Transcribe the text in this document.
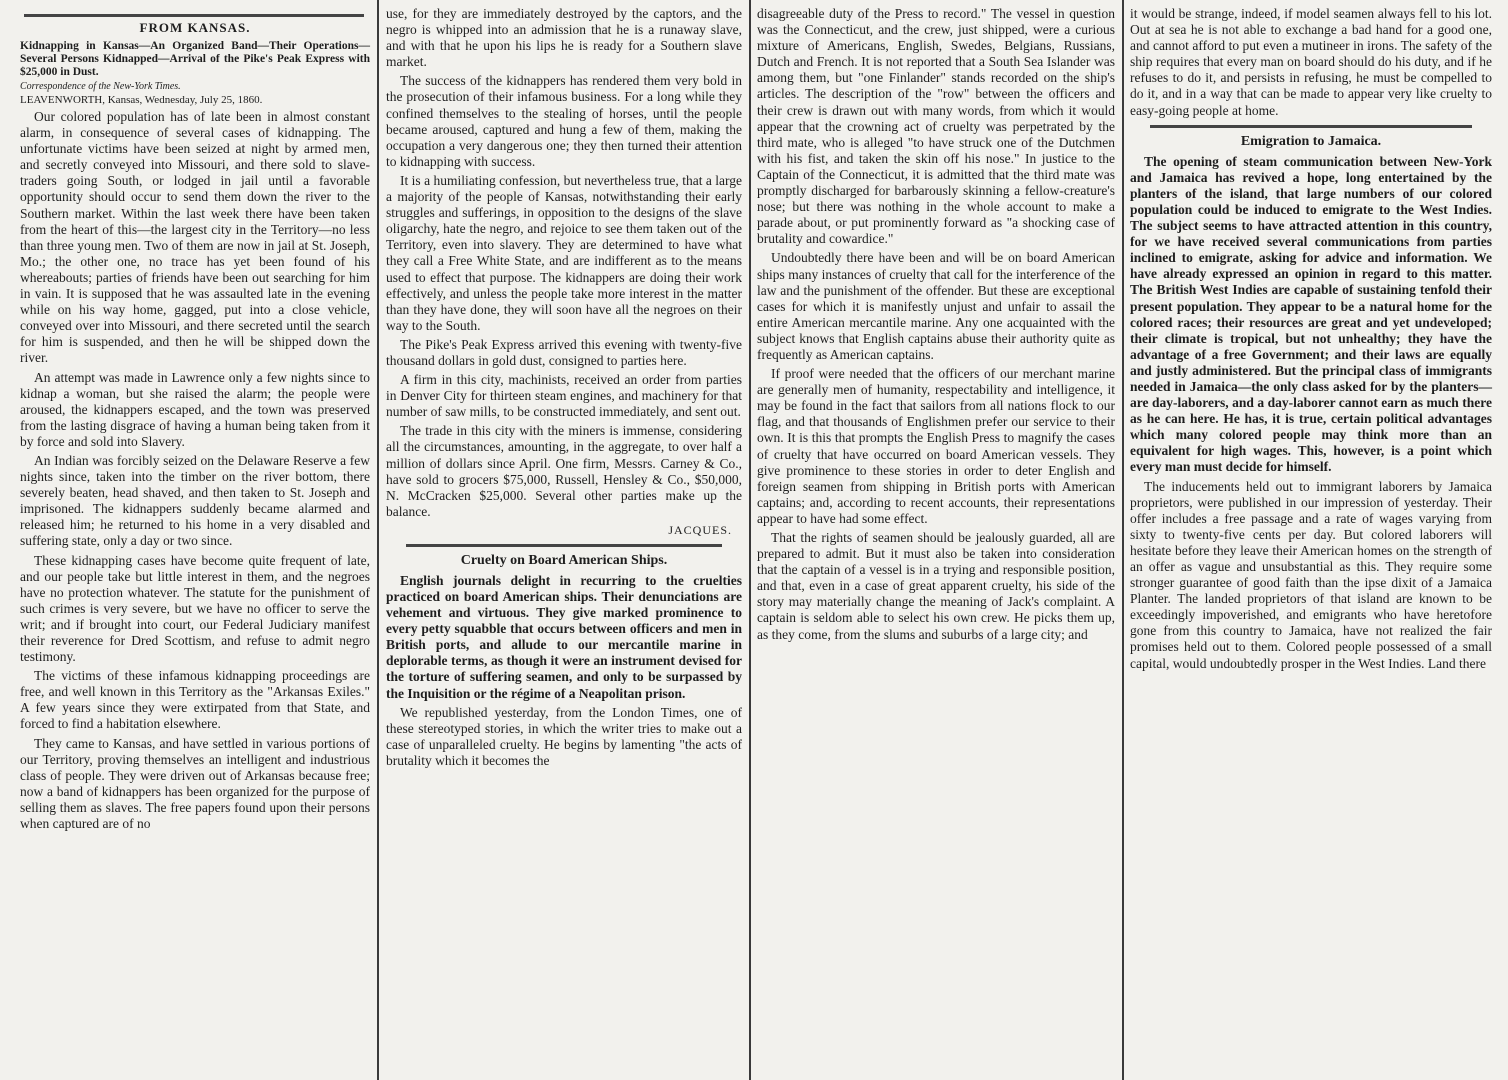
FROM KANSAS.
Kidnapping in Kansas—An Organized Band—Their Operations—Several Persons Kidnapped—Arrival of the Pike's Peak Express with $25,000 in Dust.
Correspondence of the New-York Times.
LEAVENWORTH, Kansas, Wednesday, July 25, 1860.

Our colored population has of late been in almost constant alarm, in consequence of several cases of kidnapping. The unfortunate victims have been seized at night by armed men, and secretly conveyed into Missouri, and there sold to slave-traders going South, or lodged in jail until a favorable opportunity should occur to send them down the river to the Southern market. Within the last week there have been taken from the heart of this—the largest city in the Territory—no less than three young men. Two of them are now in jail at St. Joseph, Mo.; the other one, no trace has yet been found of his whereabouts; parties of friends have been out searching for him in vain. It is supposed that he was assaulted late in the evening while on his way home, gagged, put into a close vehicle, conveyed over into Missouri, and there secreted until the search for him is suspended, and then he will be shipped down the river.

An attempt was made in Lawrence only a few nights since to kidnap a woman, but she raised the alarm; the people were aroused, the kidnappers escaped, and the town was preserved from the lasting disgrace of having a human being taken from it by force and sold into Slavery.

An Indian was forcibly seized on the Delaware Reserve a few nights since, taken into the timber on the river bottom, there severely beaten, head shaved, and then taken to St. Joseph and imprisoned. The kidnappers suddenly became alarmed and released him; he returned to his home in a very disabled and suffering state, only a day or two since.

These kidnapping cases have become quite frequent of late, and our people take but little interest in them, and the negroes have no protection whatever. The statute for the punishment of such crimes is very severe, but we have no officer to serve the writ; and if brought into court, our Federal Judiciary manifest their reverence for Dred Scottism, and refuse to admit negro testimony.

The victims of these infamous kidnapping proceedings are free, and well known in this Territory as the "Arkansas Exiles." A few years since they were extirpated from that State, and forced to find a habitation elsewhere.

They came to Kansas, and have settled in various portions of our Territory, proving themselves an intelligent and industrious class of people. They were driven out of Arkansas because free; now a band of kidnappers has been organized for the purpose of selling them as slaves. The free papers found upon their persons when captured are of no

use, for they are immediately destroyed by the captors, and the negro is whipped into an admission that he is a runaway slave, and with that he upon his lips he is ready for a Southern slave market.

The success of the kidnappers has rendered them very bold in the prosecution of their infamous business. For a long while they confined themselves to the stealing of horses, until the people became aroused, captured and hung a few of them, making the occupation a very dangerous one; they then turned their attention to kidnapping with success.

It is a humiliating confession, but nevertheless true, that a large a majority of the people of Kansas, notwithstanding their early struggles and sufferings, in opposition to the designs of the slave oligarchy, hate the negro, and rejoice to see them taken out of the Territory, even into slavery. They are determined to have what they call a Free White State, and are indifferent as to the means used to effect that purpose. The kidnappers are doing their work effectively, and unless the people take more interest in the matter than they have done, they will soon have all the negroes on their way to the South.

The Pike's Peak Express arrived this evening with twenty-five thousand dollars in gold dust, consigned to parties here.

A firm in this city, machinists, received an order from parties in Denver City for thirteen steam engines, and machinery for that number of saw mills, to be constructed immediately, and sent out.

The trade in this city with the miners is immense, considering all the circumstances, amounting, in the aggregate, to over half a million of dollars since April. One firm, Messrs. Carney & Co., have sold to grocers $75,000, Russell, Hensley & Co., $50,000, N. McCracken $25,000. Several other parties make up the balance.

JACQUES.
Cruelty on Board American Ships.

English journals delight in recurring to the cruelties practiced on board American ships. Their denunciations are vehement and virtuous. They give marked prominence to every petty squabble that occurs between officers and men in British ports, and allude to our mercantile marine in deplorable terms, as though it were an instrument devised for the torture of suffering seamen, and only to be surpassed by the Inquisition or the régime of a Neapolitan prison.

We republished yesterday, from the London Times, one of these stereotyped stories, in which the writer tries to make out a case of unparalleled cruelty. He begins by lamenting "the acts of brutality which it becomes the

disagreeable duty of the Press to record." The vessel in question was the Connecticut, and the crew, just shipped, were a curious mixture of Americans, English, Swedes, Belgians, Russians, Dutch and French. It is not reported that a South Sea Islander was among them, but "one Finlander" stands recorded on the ship's articles. The description of the "row" between the officers and their crew is drawn out with many words, from which it would appear that the crowning act of cruelty was perpetrated by the third mate, who is alleged "to have struck one of the Dutchmen with his fist, and taken the skin off his nose." In justice to the Captain of the Connecticut, it is admitted that the third mate was promptly discharged for barbarously skinning a fellow-creature's nose; but there was nothing in the whole account to make a parade about, or put prominently forward as "a shocking case of brutality and cowardice."

Undoubtedly there have been and will be on board American ships many instances of cruelty that call for the interference of the law and the punishment of the offender. But these are exceptional cases for which it is manifestly unjust and unfair to assail the entire American mercantile marine. Any one acquainted with the subject knows that English captains abuse their authority quite as frequently as American captains.

If proof were needed that the officers of our merchant marine are generally men of humanity, respectability and intelligence, it may be found in the fact that sailors from all nations flock to our flag, and that thousands of Englishmen prefer our service to their own. It is this that prompts the English Press to magnify the cases of cruelty that have occurred on board American vessels. They give prominence to these stories in order to deter English and foreign seamen from shipping in British ports with American captains; and, according to recent accounts, their representations appear to have had some effect.

That the rights of seamen should be jealously guarded, all are prepared to admit. But it must also be taken into consideration that the captain of a vessel is in a trying and responsible position, and that, even in a case of great apparent cruelty, his side of the story may materially change the meaning of Jack's complaint. A captain is seldom able to select his own crew. He picks them up, as they come, from the slums and suburbs of a large city; and

it would be strange, indeed, if model seamen always fell to his lot. Out at sea he is not able to exchange a bad hand for a good one, and cannot afford to put even a mutineer in irons. The safety of the ship requires that every man on board should do his duty, and if he refuses to do it, and persists in refusing, he must be compelled to do it, and in a way that can be made to appear very like cruelty to easy-going people at home.

Emigration to Jamaica.

The opening of steam communication between New-York and Jamaica has revived a hope, long entertained by the planters of the island, that large numbers of our colored population could be induced to emigrate to the West Indies. The subject seems to have attracted attention in this country, for we have received several communications from parties inclined to emigrate, asking for advice and information. We have already expressed an opinion in regard to this matter. The British West Indies are capable of sustaining tenfold their present population. They appear to be a natural home for the colored races; their resources are great and yet undeveloped; their climate is tropical, but not unhealthy; they have the advantage of a free Government; and their laws are equally and justly administered. But the principal class of immigrants needed in Jamaica—the only class asked for by the planters—are day-laborers, and a day-laborer cannot earn as much there as he can here. He has, it is true, certain political advantages which many colored people may think more than an equivalent for high wages. This, however, is a point which every man must decide for himself.

The inducements held out to immigrant laborers by Jamaica proprietors, were published in our impression of yesterday. Their offer includes a free passage and a rate of wages varying from sixty to twenty-five cents per day. But colored laborers will hesitate before they leave their American homes on the strength of an offer as vague and unsubstantial as this. They require some stronger guarantee of good faith than the ipse dixit of a Jamaica Planter. The landed proprietors of that island are known to be exceedingly impoverished, and emigrants who have heretofore gone from this country to Jamaica, have not realized the fair promises held out to them. Colored people possessed of a small capital, would undoubtedly prosper in the West Indies. Land there
